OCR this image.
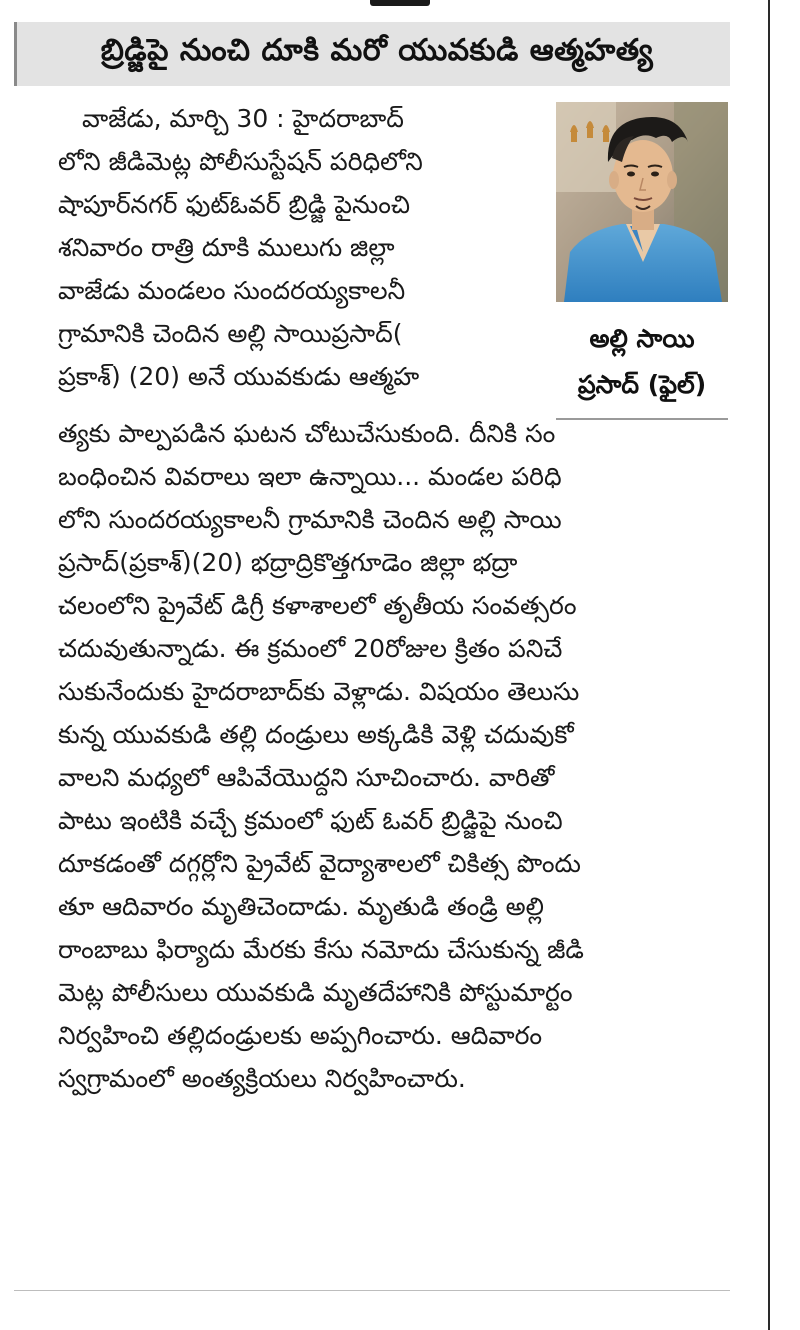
బ్రిడ్జిపై నుంచి దూకి మరో యువకుడి ఆత్మహత్య
అల్లి సాయి
ప్రసాద్ (ఫైల్)

వాజేడు, మార్చి 30 : హైదరాబాద్

లోని జీడిమెట్ల పోలీసుస్టేషన్ పరిధిలోని

షాపూర్‌నగర్ ఫుట్‌ఓవర్ బ్రిడ్జి పైనుంచి

శనివారం రాత్రి దూకి ములుగు జిల్లా

వాజేడు మండలం సుందరయ్యకాలనీ

గ్రామానికి చెందిన అల్లి సాయిప్రసాద్(

ప్రకాశ్) (20) అనే యువకుడు ఆత్మహ

త్యకు పాల్పపడిన ఘటన చోటుచేసుకుంది. దీనికి సం

బంధించిన వివరాలు ఇలా ఉన్నాయి... మండల పరిధి

లోని సుందరయ్యకాలనీ గ్రామానికి చెందిన అల్లి సాయి

ప్రసాద్(ప్రకాశ్)(20) భద్రాద్రికొత్తగూడెం జిల్లా భద్రా

చలంలోని ప్రైవేట్ డిగ్రీ కళాశాలలో తృతీయ సంవత్సరం

చదువుతున్నాడు. ఈ క్రమంలో 20రోజుల క్రితం పనిచే

సుకునేందుకు హైదరాబాద్‌కు వెళ్లాడు. విషయం తెలుసు

కున్న యువకుడి తల్లి దండ్రులు అక్కడికి వెళ్లి చదువుకో

వాలని మధ్యలో ఆపివేయొద్దని సూచించారు. వారితో

పాటు ఇంటికి వచ్చే క్రమంలో ఫుట్ ఓవర్ బ్రిడ్జిపై నుంచి

దూకడంతో దగ్గర్లోని ప్రైవేట్ వైద్యాశాలలో చికిత్స పొందు

తూ ఆదివారం మృతిచెందాడు. మృతుడి తండ్రి అల్లి

రాంబాబు ఫిర్యాదు మేరకు కేసు నమోదు చేసుకున్న జీడి

మెట్ల పోలీసులు యువకుడి మృతదేహానికి పోస్టుమార్టం

నిర్వహించి తల్లిదండ్రులకు అప్పగించారు. ఆదివారం

స్వగ్రామంలో అంత్యక్రియలు నిర్వహించారు.
